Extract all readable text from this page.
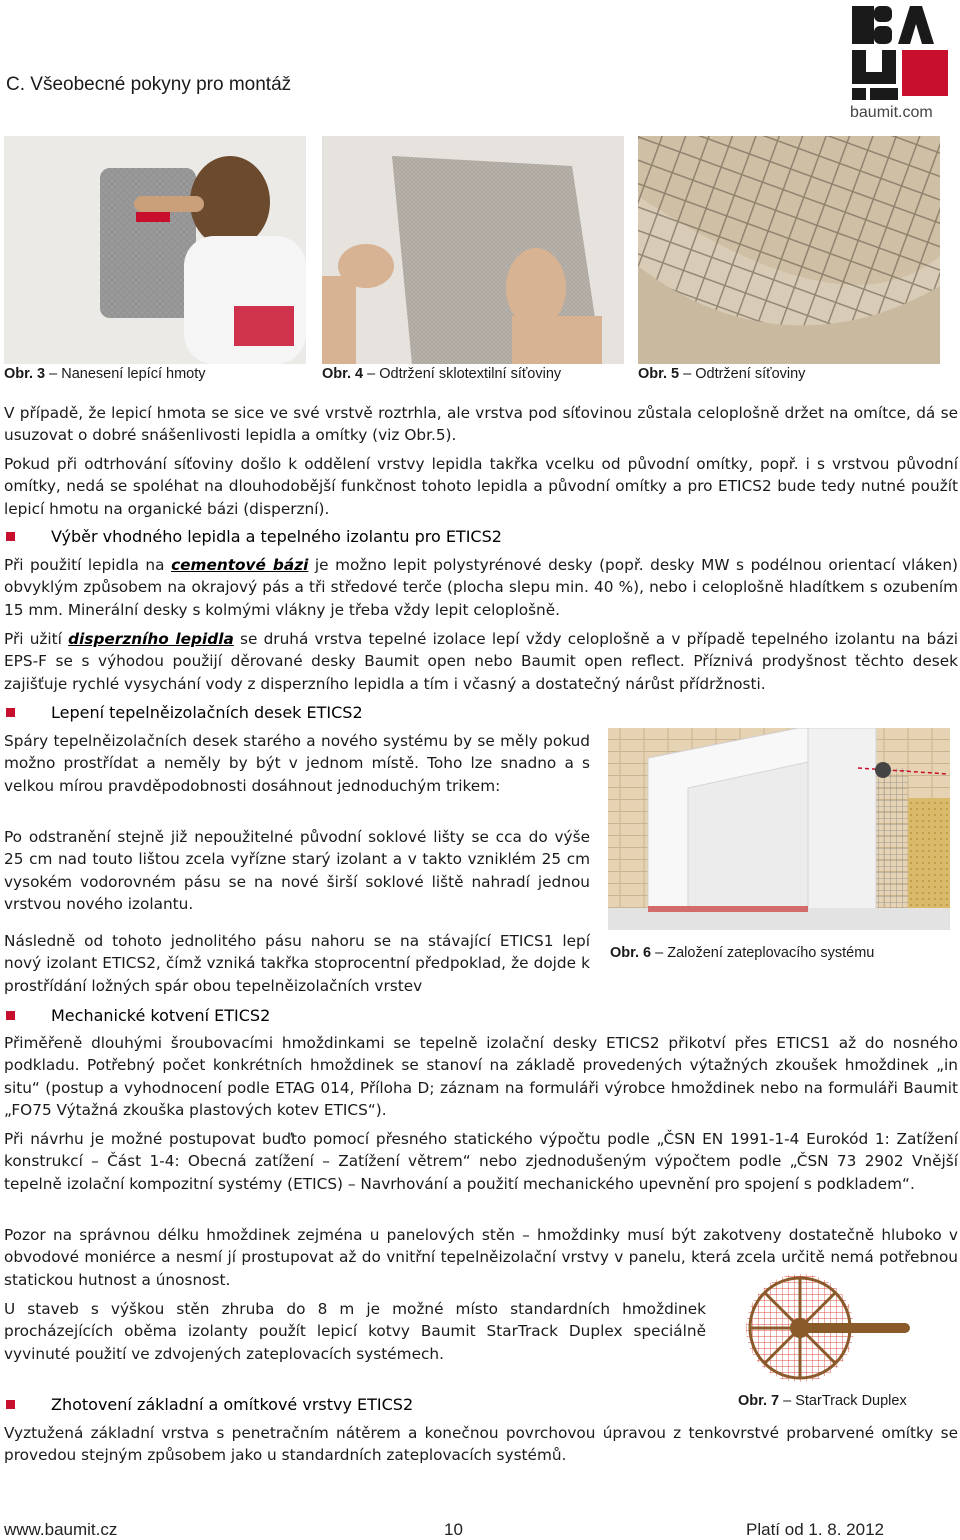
C. Všeobecné pokyny pro montáž
baumit.com
Obr. 3 – Nanesení lepící hmoty	Obr. 4 – Odtržení sklotextilní síťoviny	Obr. 5 – Odtržení síťoviny
V případě, že lepicí hmota se sice ve své vrstvě roztrhla, ale vrstva pod síťovinou zůstala celoplošně držet na omítce, dá se usuzovat o dobré snášenlivosti lepidla a omítky (viz Obr.5).
Pokud při odtrhování síťoviny došlo k oddělení vrstvy lepidla takřka vcelku od původní omítky, popř. i s vrstvou původní omítky, nedá se spoléhat na dlouhodobější funkčnost tohoto lepidla a původní omítky a pro ETICS2 bude tedy nutné použít lepicí hmotu na organické bázi (disperzní).
Výběr vhodného lepidla a tepelného izolantu pro ETICS2
Při použití lepidla na cementové bázi je možno lepit polystyrénové desky (popř. desky MW s podélnou orientací vláken) obvyklým způsobem na okrajový pás a tři středové terče (plocha slepu min. 40 %), nebo i celoplošně hladítkem s ozubením 15 mm. Minerální desky s kolmými vlákny je třeba vždy lepit celoplošně.
Při užití disperzního lepidla se druhá vrstva tepelné izolace lepí vždy celoplošně a v případě tepelného izolantu na bázi EPS-F se s výhodou použijí děrované desky Baumit open nebo Baumit open reflect. Příznivá prodyšnost těchto desek zajišťuje rychlé vysychání vody z disperzního lepidla a tím i včasný a dostatečný nárůst přídržnosti.
Lepení tepelněizolačních desek ETICS2
Spáry tepelněizolačních desek starého a nového systému by se měly pokud možno prostřídat a neměly by být v jednom místě. Toho lze snadno a s velkou mírou pravděpodobnosti dosáhnout jednoduchým trikem:
Po odstranění stejně již nepoužitelné původní soklové lišty se cca do výše 25 cm nad touto lištou zcela vyřízne starý izolant a v takto vzniklém 25 cm vysokém vodorovném pásu se na nové širší soklové liště nahradí jednou vrstvou nového izolantu.
Následně od tohoto jednolitého pásu nahoru se na stávající ETICS1 lepí nový izolant ETICS2, čímž vzniká takřka stoprocentní předpoklad, že dojde k prostřídání ložných spár obou tepelněizolačních vrstev
Obr. 6 – Založení zateplovacího systému
Mechanické kotvení ETICS2
Přiměřeně dlouhými šroubovacími hmoždinkami se tepelně izolační desky ETICS2 přikotví přes ETICS1 až do nosného podkladu. Potřebný počet konkrétních hmoždinek se stanoví na základě provedených výtažných zkoušek hmoždinek „in situ“ (postup a vyhodnocení podle ETAG 014, Příloha D; záznam na formuláři výrobce hmoždinek nebo na formuláři Baumit „FO75 Výtažná zkouška plastových kotev ETICS“).
Při návrhu je možné postupovat buďto pomocí přesného statického výpočtu podle „ČSN EN 1991-1-4 Eurokód 1: Zatížení konstrukcí – Část 1-4: Obecná zatížení – Zatížení větrem“ nebo zjednodušeným výpočtem podle „ČSN 73 2902 Vnější tepelně izolační kompozitní systémy (ETICS) – Navrhování a použití mechanického upevnění pro spojení s podkladem“.
Pozor na správnou délku hmoždinek zejména u panelových stěn – hmoždinky musí být zakotveny dostatečně hluboko v obvodové moniérce a nesmí jí prostupovat až do vnitřní tepelněizolační vrstvy v panelu, která zcela určitě nemá potřebnou statickou hutnost a únosnost.
U staveb s výškou stěn zhruba do 8 m je možné místo standardních hmoždinek procházejících oběma izolanty použít lepicí kotvy Baumit StarTrack Duplex speciálně vyvinuté použití ve zdvojených zateplovacích systémech.
Obr. 7 – StarTrack Duplex
Zhotovení základní a omítkové vrstvy ETICS2
Vyztužená základní vrstva s penetračním nátěrem a konečnou povrchovou úpravou z tenkovrstvé probarvené omítky se provedou stejným způsobem jako u standardních zateplovacích systémů.
www.baumit.cz	10	Platí od 1. 8. 2012
